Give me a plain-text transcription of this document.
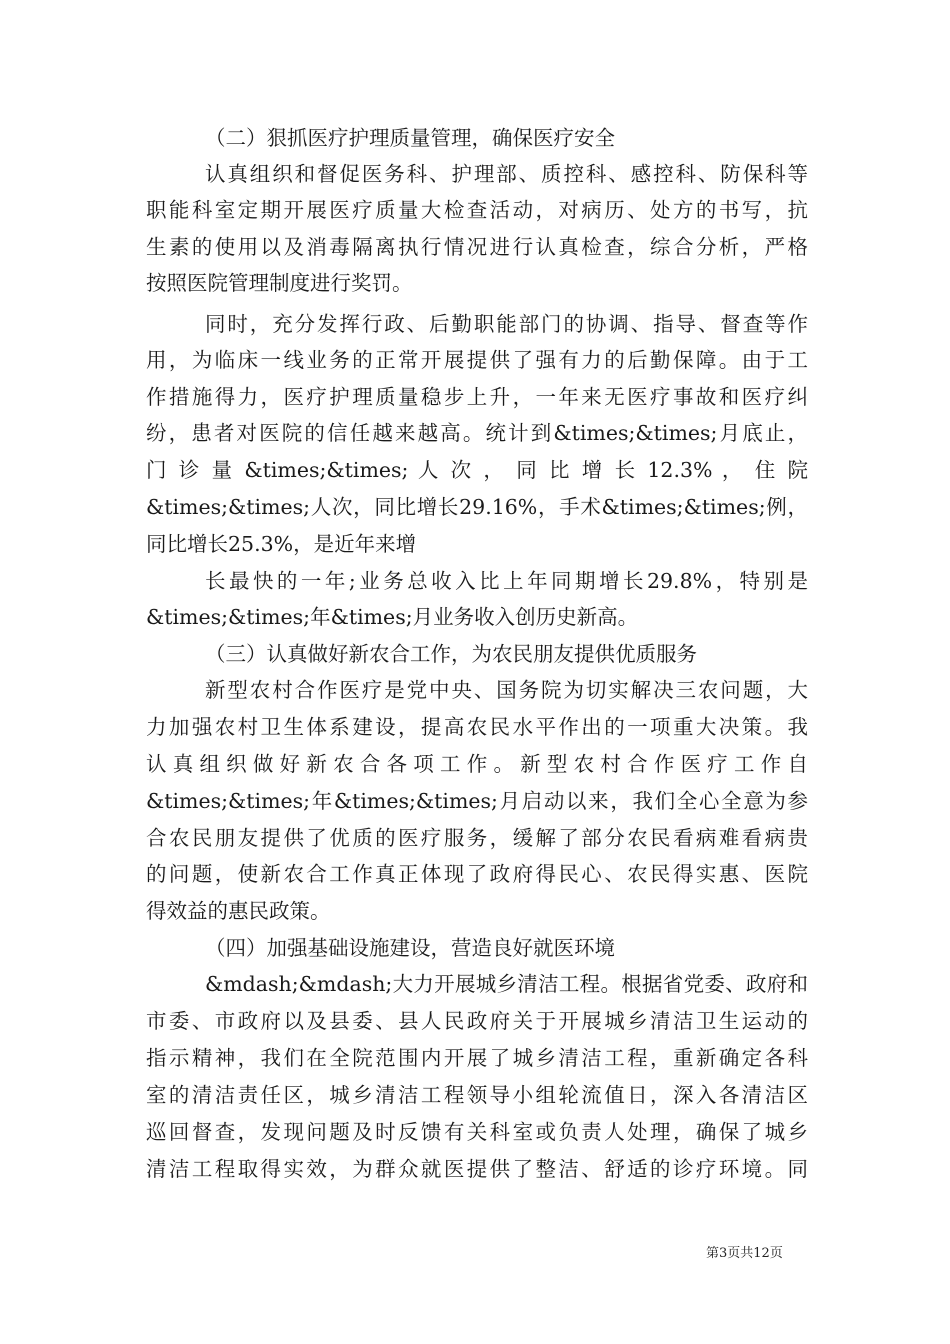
（二）狠抓医疗护理质量管理，确保医疗安全
认真组织和督促医务科、护理部、质控科、感控科、防保科等
职能科室定期开展医疗质量大检查活动，对病历、处方的书写，抗
生素的使用以及消毒隔离执行情况进行认真检查，综合分析，严格
按照医院管理制度进行奖罚。
同时，充分发挥行政、后勤职能部门的协调、指导、督查等作
用，为临床一线业务的正常开展提供了强有力的后勤保障。由于工
作措施得力，医疗护理质量稳步上升，一年来无医疗事故和医疗纠
纷，患者对医院的信任越来越高。统计到&times;&times;月底止，
门 诊 量 &times;&times; 人 次 ， 同 比 增 长 12.3% ， 住 院
&times;&times;人次，同比增长29.16%，手术&times;&times;例，
同比增长25.3%，是近年来增
长最快的一年;业务总收入比上年同期增长29.8%，特别是
&times;&times;年&times;月业务收入创历史新高。
（三）认真做好新农合工作，为农民朋友提供优质服务
新型农村合作医疗是党中央、国务院为切实解决三农问题，大
力加强农村卫生体系建设，提高农民水平作出的一项重大决策。我
认真组织做好新农合各项工作。新型农村合作医疗工作自
&times;&times;年&times;&times;月启动以来，我们全心全意为参
合农民朋友提供了优质的医疗服务，缓解了部分农民看病难看病贵
的问题，使新农合工作真正体现了政府得民心、农民得实惠、医院
得效益的惠民政策。
（四）加强基础设施建设，营造良好就医环境
&mdash;&mdash;大力开展城乡清洁工程。根据省党委、政府和
市委、市政府以及县委、县人民政府关于开展城乡清洁卫生运动的
指示精神，我们在全院范围内开展了城乡清洁工程，重新确定各科
室的清洁责任区，城乡清洁工程领导小组轮流值日，深入各清洁区
巡回督查，发现问题及时反馈有关科室或负责人处理，确保了城乡
清洁工程取得实效，为群众就医提供了整洁、舒适的诊疗环境。同
第3页共12页
